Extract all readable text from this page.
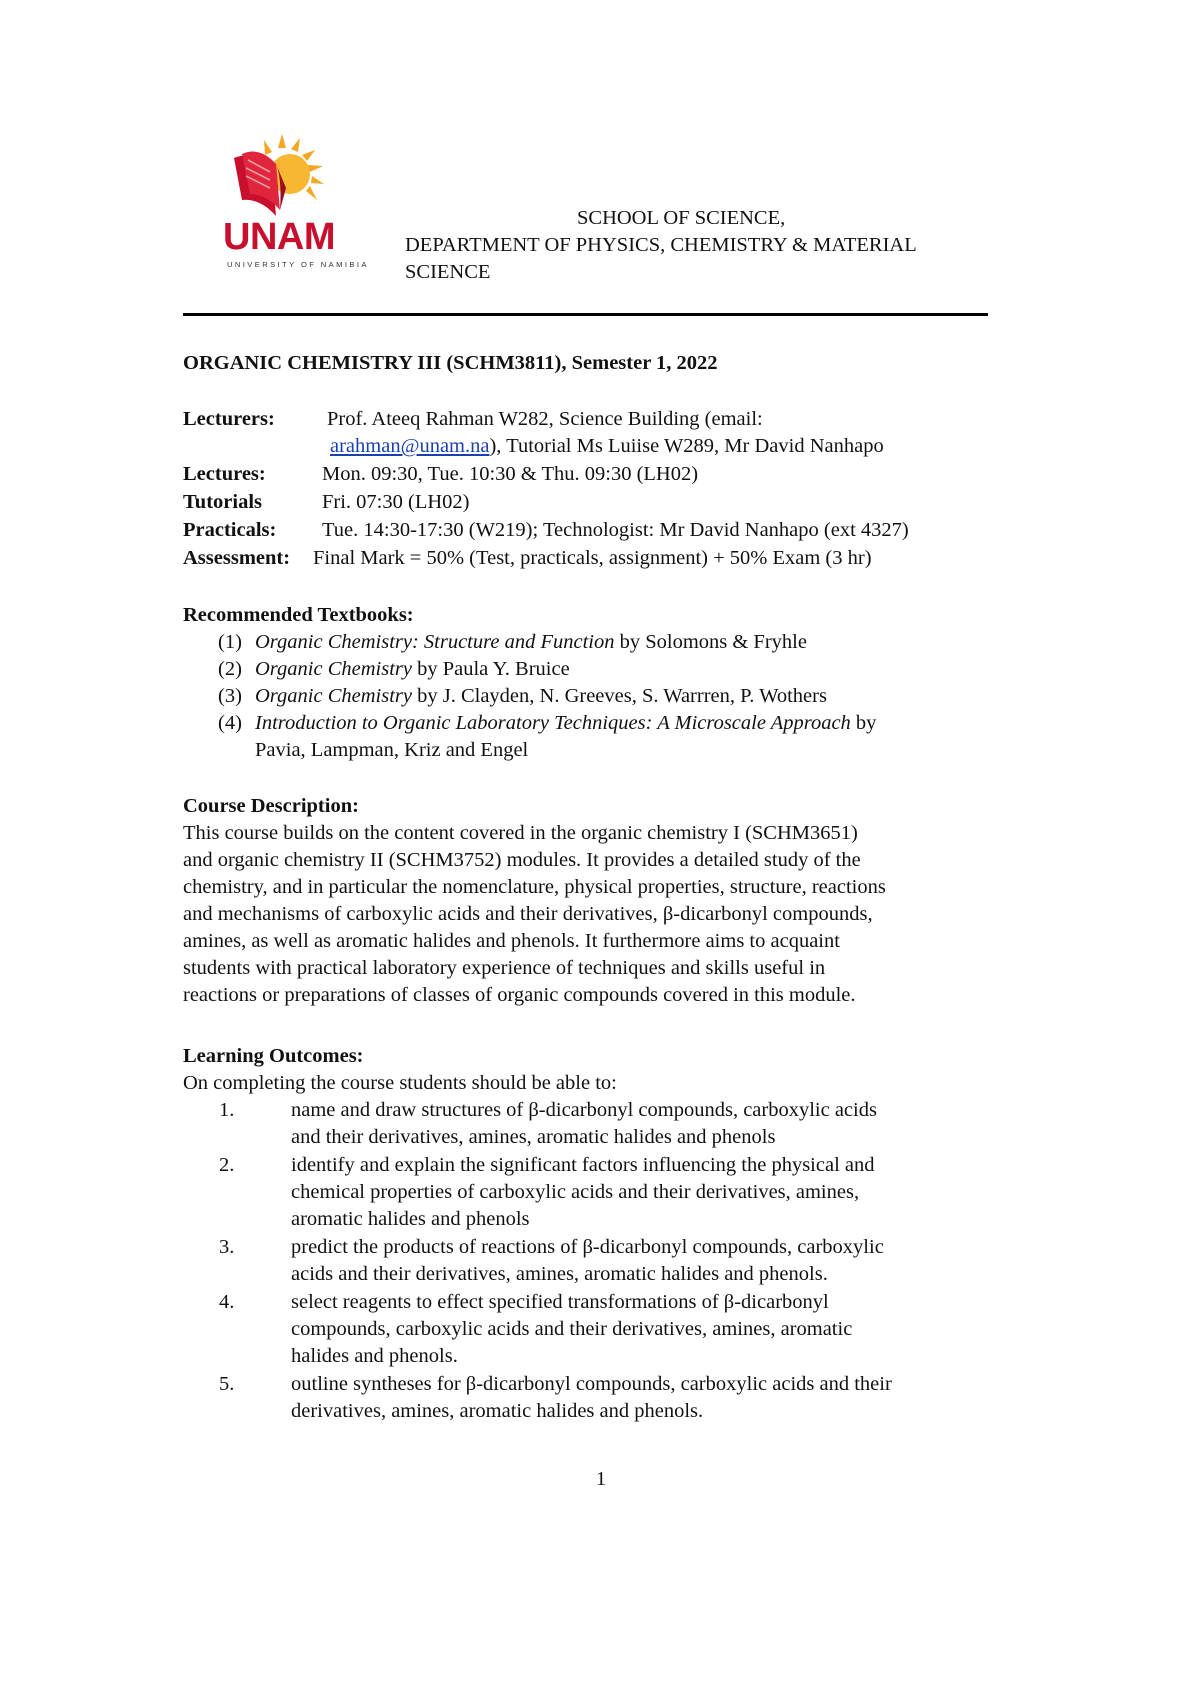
UNAM
UNIVERSITY OF NAMIBIA
SCHOOL OF SCIENCE,
DEPARTMENT OF PHYSICS, CHEMISTRY & MATERIAL
SCIENCE
ORGANIC CHEMISTRY III (SCHM3811), Semester 1, 2022
Lecturers:	Prof. Ateeq Rahman W282, Science Building (email:
arahman@unam.na), Tutorial Ms Luiise W289, Mr David Nanhapo
Lectures:	Mon. 09:30, Tue. 10:30 & Thu. 09:30 (LH02)
Tutorials	Fri. 07:30 (LH02)
Practicals: Tue. 14:30-17:30 (W219); Technologist: Mr David Nanhapo (ext 4327)
Assessment: Final Mark = 50% (Test, practicals, assignment) + 50% Exam (3 hr)
Recommended Textbooks:
(1) Organic Chemistry: Structure and Function by Solomons & Fryhle
(2) Organic Chemistry by Paula Y. Bruice
(3) Organic Chemistry by J. Clayden, N. Greeves, S. Warrren, P. Wothers
(4) Introduction to Organic Laboratory Techniques: A Microscale Approach by
Pavia, Lampman, Kriz and Engel
Course Description:
This course builds on the content covered in the organic chemistry I (SCHM3651)
and organic chemistry II (SCHM3752) modules. It provides a detailed study of the
chemistry, and in particular the nomenclature, physical properties, structure, reactions
and mechanisms of carboxylic acids and their derivatives, β-dicarbonyl compounds,
amines, as well as aromatic halides and phenols. It furthermore aims to acquaint
students with practical laboratory experience of techniques and skills useful in
reactions or preparations of classes of organic compounds covered in this module.
Learning Outcomes:
On completing the course students should be able to:
1.	name and draw structures of β-dicarbonyl compounds, carboxylic acids
and their derivatives, amines, aromatic halides and phenols
2.	identify and explain the significant factors influencing the physical and
chemical properties of carboxylic acids and their derivatives, amines,
aromatic halides and phenols
3.	predict the products of reactions of β-dicarbonyl compounds, carboxylic
acids and their derivatives, amines, aromatic halides and phenols.
4.	select reagents to effect specified transformations of β-dicarbonyl
compounds, carboxylic acids and their derivatives, amines, aromatic
halides and phenols.
5.	outline syntheses for β-dicarbonyl compounds, carboxylic acids and their
derivatives, amines, aromatic halides and phenols.
1
